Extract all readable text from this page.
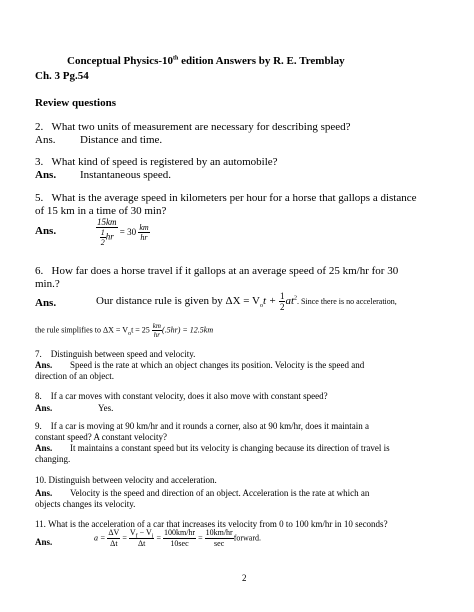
Conceptual Physics-10th edition Answers by R. E. Tremblay
Ch. 3 Pg.54
Review questions
2. What two units of measurement are necessary for describing speed?
Ans. Distance and time.
3. What kind of speed is registered by an automobile?
Ans. Instantaneous speed.
5. What is the average speed in kilometers per hour for a horse that gallops a distance
of 15 km in a time of 30 min?
Ans.	$\frac{15km}{\frac{1}{2} hr} = 30 \frac{km}{hr}$
6. How far does a horse travel if it gallops at an average speed of 25 km/hr for 30
min.?
Ans.	Our distance rule is given by $\Delta X = V_ot + \frac{1}{2} at^2$. Since there is no acceleration,
the rule simplifies to $\Delta X = V_ot = 25 \frac{km}{hr} (.5hr) = 12.5km$
7. Distinguish between speed and velocity.
Ans. Speed is the rate at which an object changes its position. Velocity is the speed and
direction of an object.
8. If a car moves with constant velocity, does it also move with constant speed?
Ans.	Yes.
9. If a car is moving at 90 km/hr and it rounds a corner, also at 90 km/hr, does it maintain a
constant speed? A constant velocity?
Ans. It maintains a constant speed but its velocity is changing because its direction of travel is
changing.
10. Distinguish between velocity and acceleration.
Ans. Velocity is the speed and direction of an object. Acceleration is the rate at which an
objects changes its velocity.
11. What is the acceleration of a car that increases its velocity from 0 to 100 km/hr in 10 seconds?
Ans.	$a = \frac{\Delta V}{\Delta t} = \frac{V_f - V_i}{\Delta t} = \frac{100km/hr}{10\sec} = \frac{10km/hr}{\sec}$ forward.
2
